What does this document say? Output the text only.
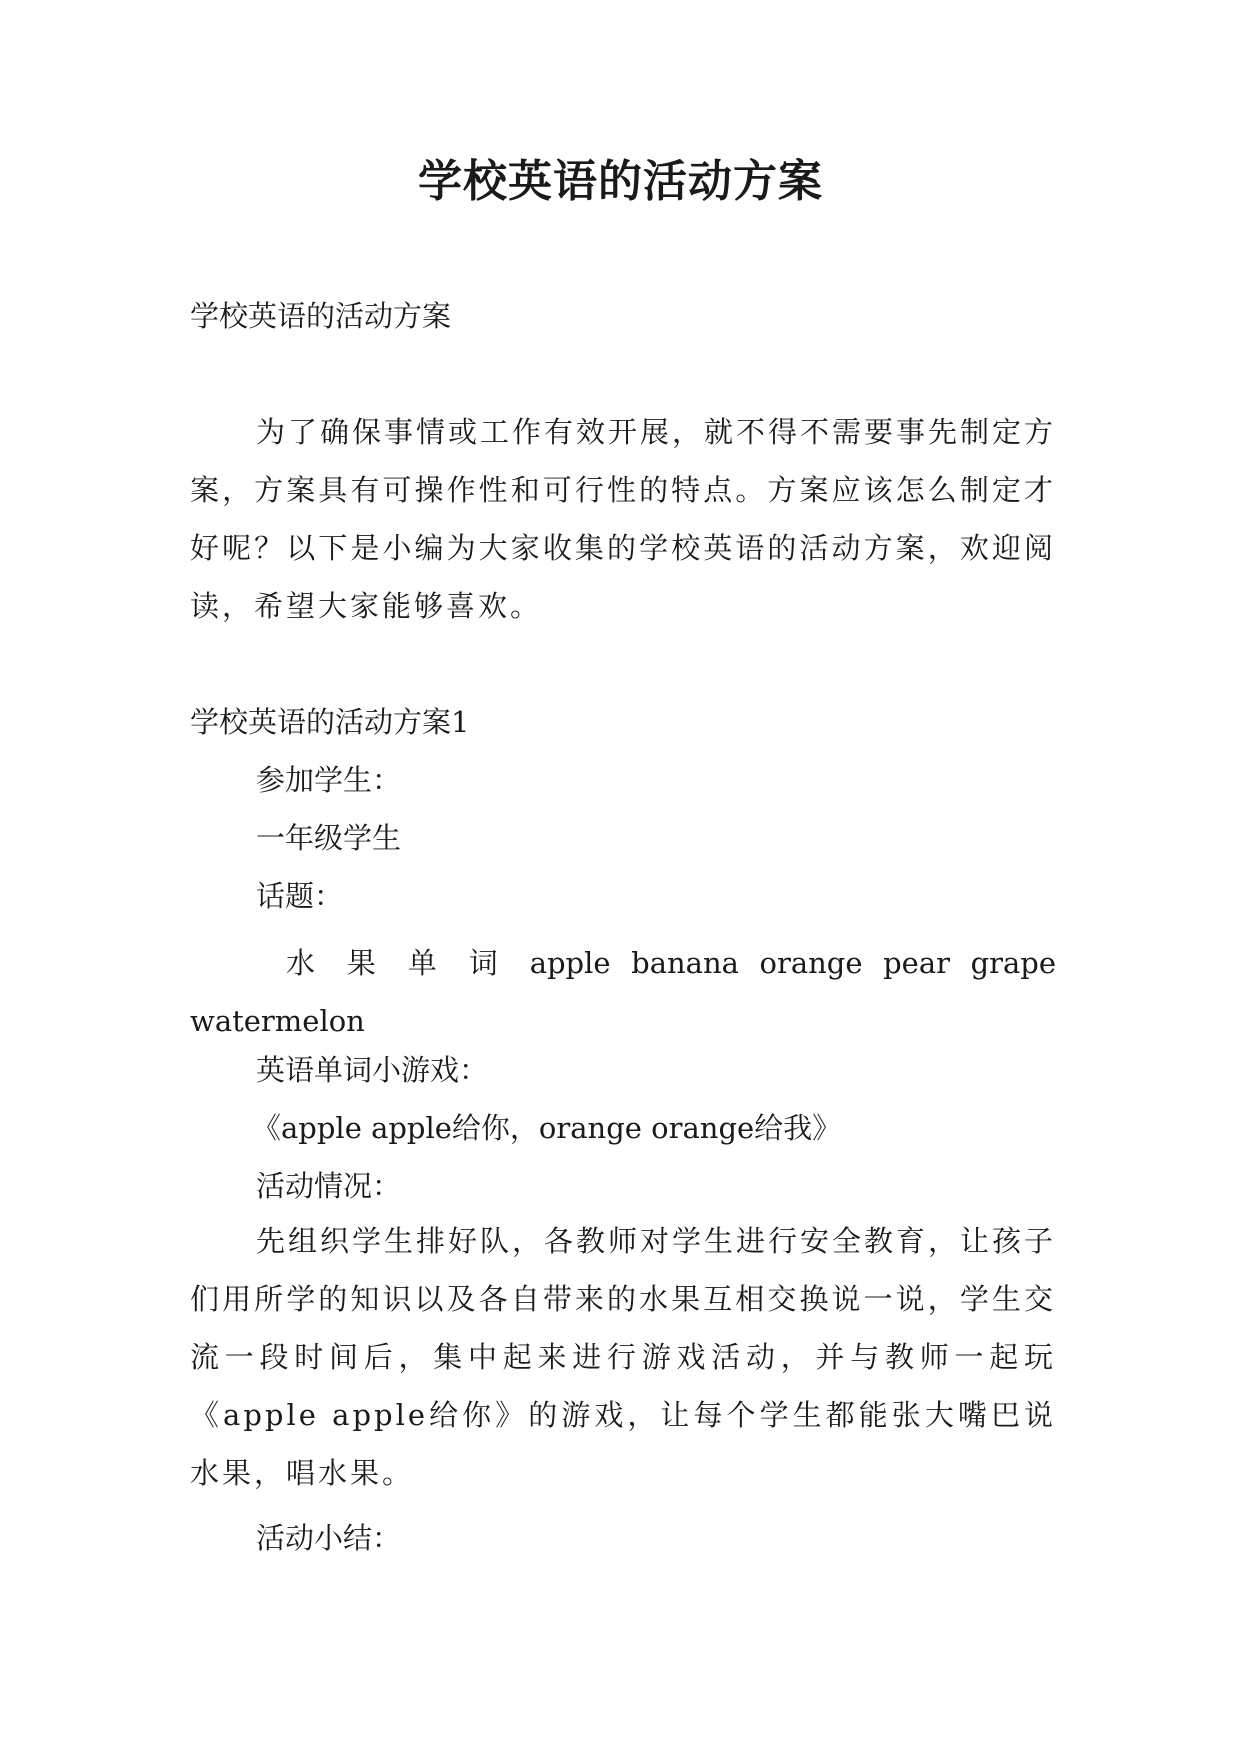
学校英语的活动方案
学校英语的活动方案
为了确保事情或工作有效开展，就不得不需要事先制定方案，方案具有可操作性和可行性的特点。方案应该怎么制定才好呢？以下是小编为大家收集的学校英语的活动方案，欢迎阅读，希望大家能够喜欢。
学校英语的活动方案1
参加学生：
一年级学生
话题：
水 果 单 词 apple banana orange pear grape
watermelon
英语单词小游戏：
《apple apple给你，orange orange给我》
活动情况：
先组织学生排好队，各教师对学生进行安全教育，让孩子们用所学的知识以及各自带来的水果互相交换说一说，学生交流一段时间后，集中起来进行游戏活动，并与教师一起玩《apple apple给你》的游戏，让每个学生都能张大嘴巴说水果，唱水果。
活动小结：
